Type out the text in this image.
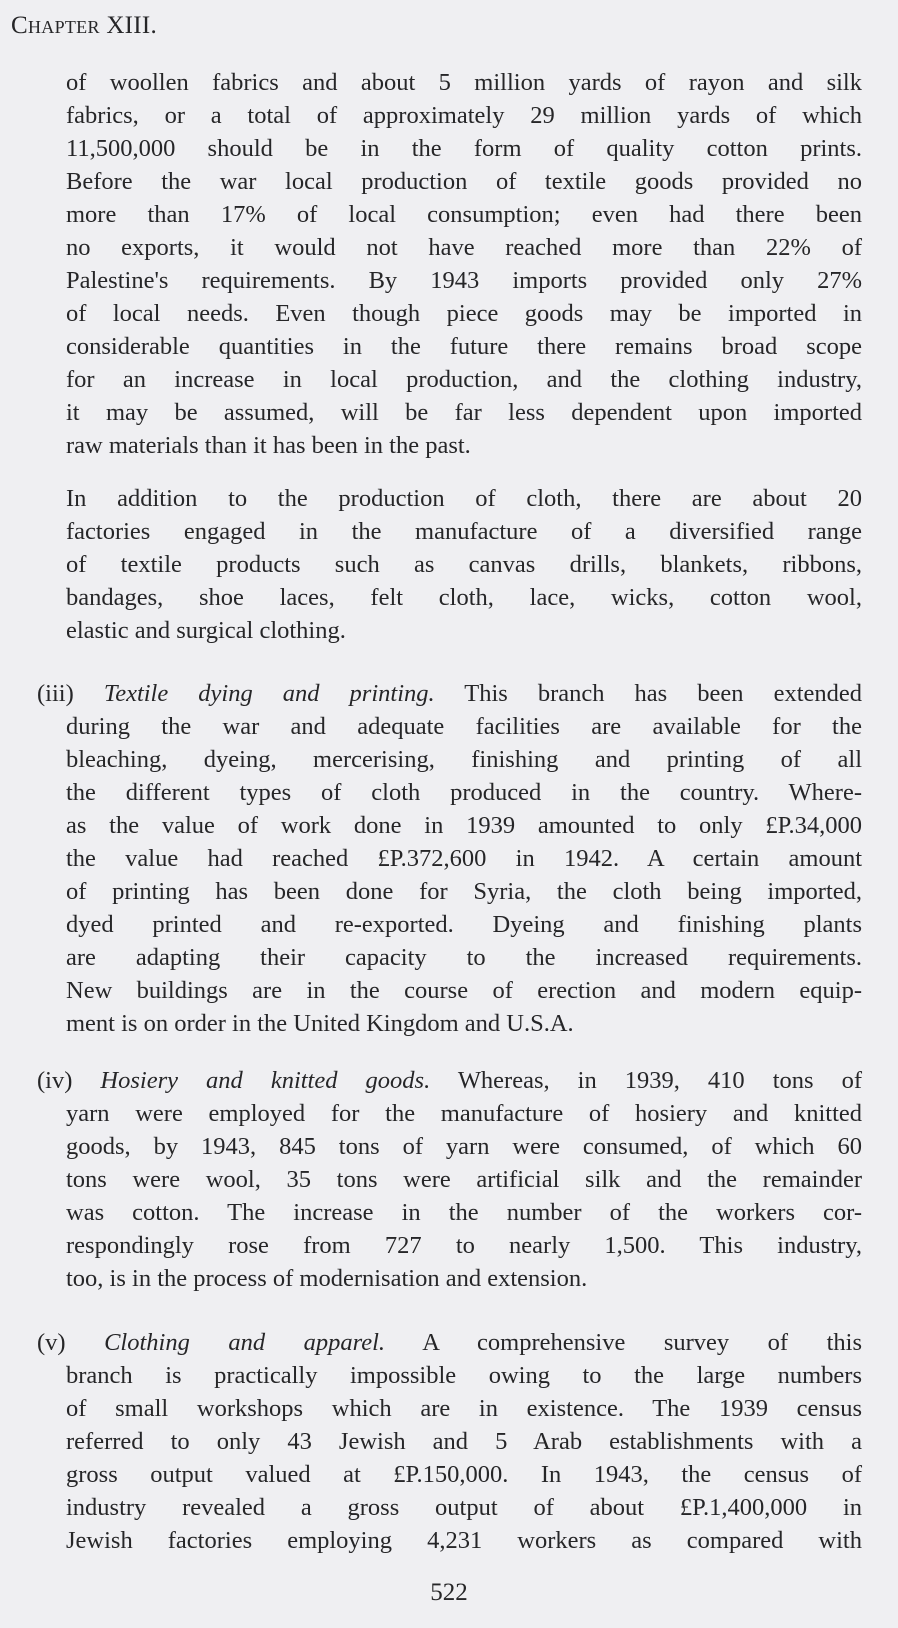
Chapter XIII.
of woollen fabrics and about 5 million yards of rayon and silk
fabrics, or a total of approximately 29 million yards of which
11,500,000 should be in the form of quality cotton prints.
Before the war local production of textile goods provided no
more than 17% of local consumption; even had there been
no exports, it would not have reached more than 22% of
Palestine's requirements. By 1943 imports provided only 27%
of local needs. Even though piece goods may be imported in
considerable quantities in the future there remains broad scope
for an increase in local production, and the clothing industry,
it may be assumed, will be far less dependent upon imported
raw materials than it has been in the past.
In addition to the production of cloth, there are about 20
factories engaged in the manufacture of a diversified range
of textile products such as canvas drills, blankets, ribbons,
bandages, shoe laces, felt cloth, lace, wicks, cotton wool,
elastic and surgical clothing.
(iii) Textile dying and printing. This branch has been extended
during the war and adequate facilities are available for the
bleaching, dyeing, mercerising, finishing and printing of all
the different types of cloth produced in the country. Where-
as the value of work done in 1939 amounted to only £P.34,000
the value had reached £P.372,600 in 1942. A certain amount
of printing has been done for Syria, the cloth being imported,
dyed printed and re-exported. Dyeing and finishing plants
are adapting their capacity to the increased requirements.
New buildings are in the course of erection and modern equip-
ment is on order in the United Kingdom and U.S.A.
(iv) Hosiery and knitted goods. Whereas, in 1939, 410 tons of
yarn were employed for the manufacture of hosiery and knitted
goods, by 1943, 845 tons of yarn were consumed, of which 60
tons were wool, 35 tons were artificial silk and the remainder
was cotton. The increase in the number of the workers cor-
respondingly rose from 727 to nearly 1,500. This industry,
too, is in the process of modernisation and extension.
(v) Clothing and apparel. A comprehensive survey of this
branch is practically impossible owing to the large numbers
of small workshops which are in existence. The 1939 census
referred to only 43 Jewish and 5 Arab establishments with a
gross output valued at £P.150,000. In 1943, the census of
industry revealed a gross output of about £P.1,400,000 in
Jewish factories employing 4,231 workers as compared with
522
